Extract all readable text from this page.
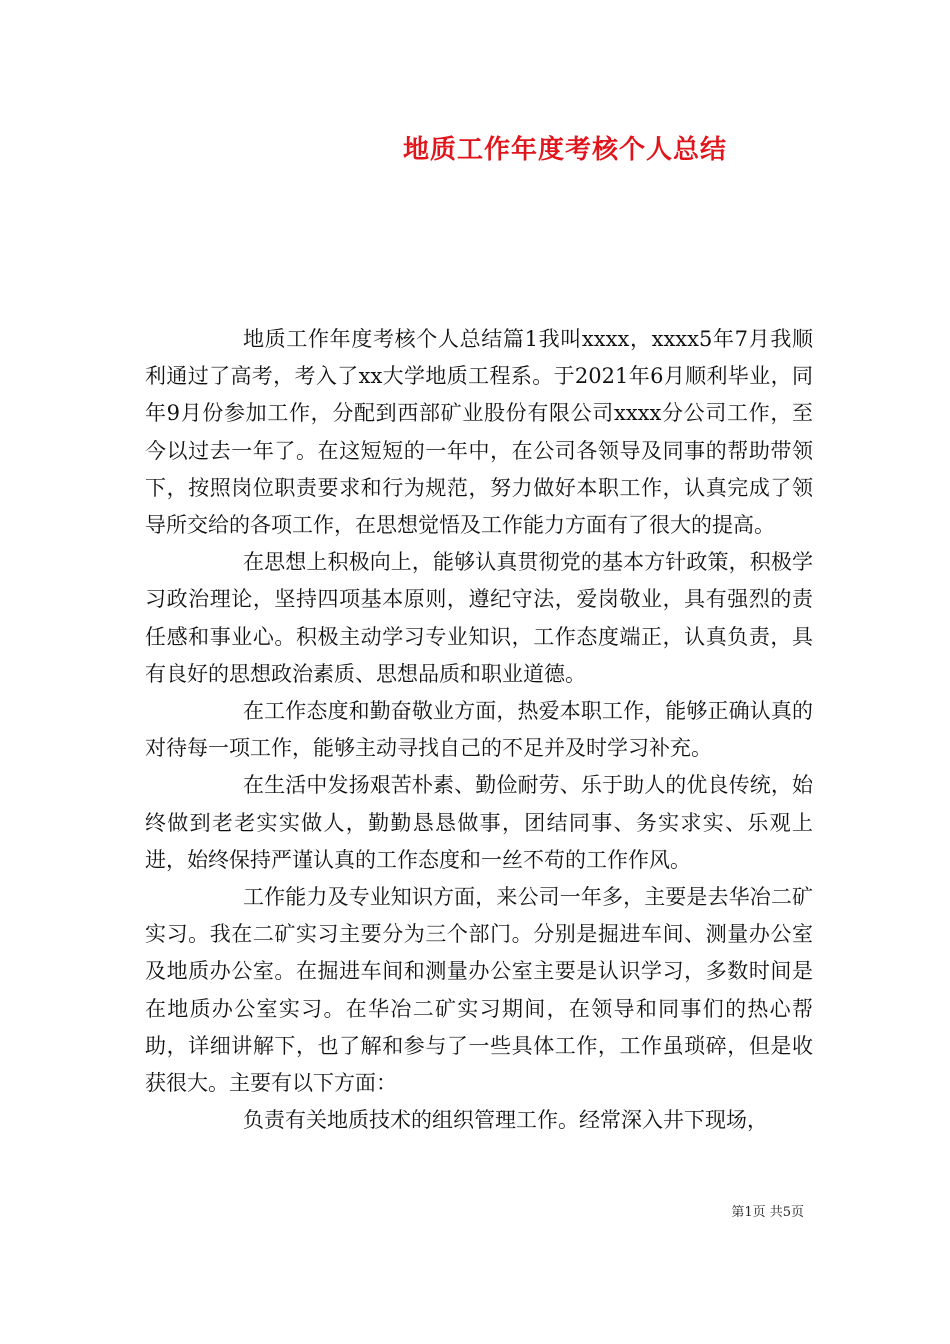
地质工作年度考核个人总结

地质工作年度考核个人总结篇1我叫xxxx，xxxx5年7月我顺利通过了高考，考入了xx大学地质工程系。于2021年6月顺利毕业，同年9月份参加工作，分配到西部矿业股份有限公司xxxx分公司工作，至今以过去一年了。在这短短的一年中，在公司各领导及同事的帮助带领下，按照岗位职责要求和行为规范，努力做好本职工作，认真完成了领导所交给的各项工作，在思想觉悟及工作能力方面有了很大的提高。

在思想上积极向上，能够认真贯彻党的基本方针政策，积极学习政治理论，坚持四项基本原则，遵纪守法，爱岗敬业，具有强烈的责任感和事业心。积极主动学习专业知识，工作态度端正，认真负责，具有良好的思想政治素质、思想品质和职业道德。

在工作态度和勤奋敬业方面，热爱本职工作，能够正确认真的对待每一项工作，能够主动寻找自己的不足并及时学习补充。

在生活中发扬艰苦朴素、勤俭耐劳、乐于助人的优良传统，始终做到老老实实做人，勤勤恳恳做事，团结同事、务实求实、乐观上进，始终保持严谨认真的工作态度和一丝不苟的工作作风。

工作能力及专业知识方面，来公司一年多，主要是去华冶二矿实习。我在二矿实习主要分为三个部门。分别是掘进车间、测量办公室及地质办公室。在掘进车间和测量办公室主要是认识学习，多数时间是在地质办公室实习。在华冶二矿实习期间，在领导和同事们的热心帮助，详细讲解下，也了解和参与了一些具体工作，工作虽琐碎，但是收获很大。主要有以下方面：

负责有关地质技术的组织管理工作。经常深入井下现场，

第1页 共5页
